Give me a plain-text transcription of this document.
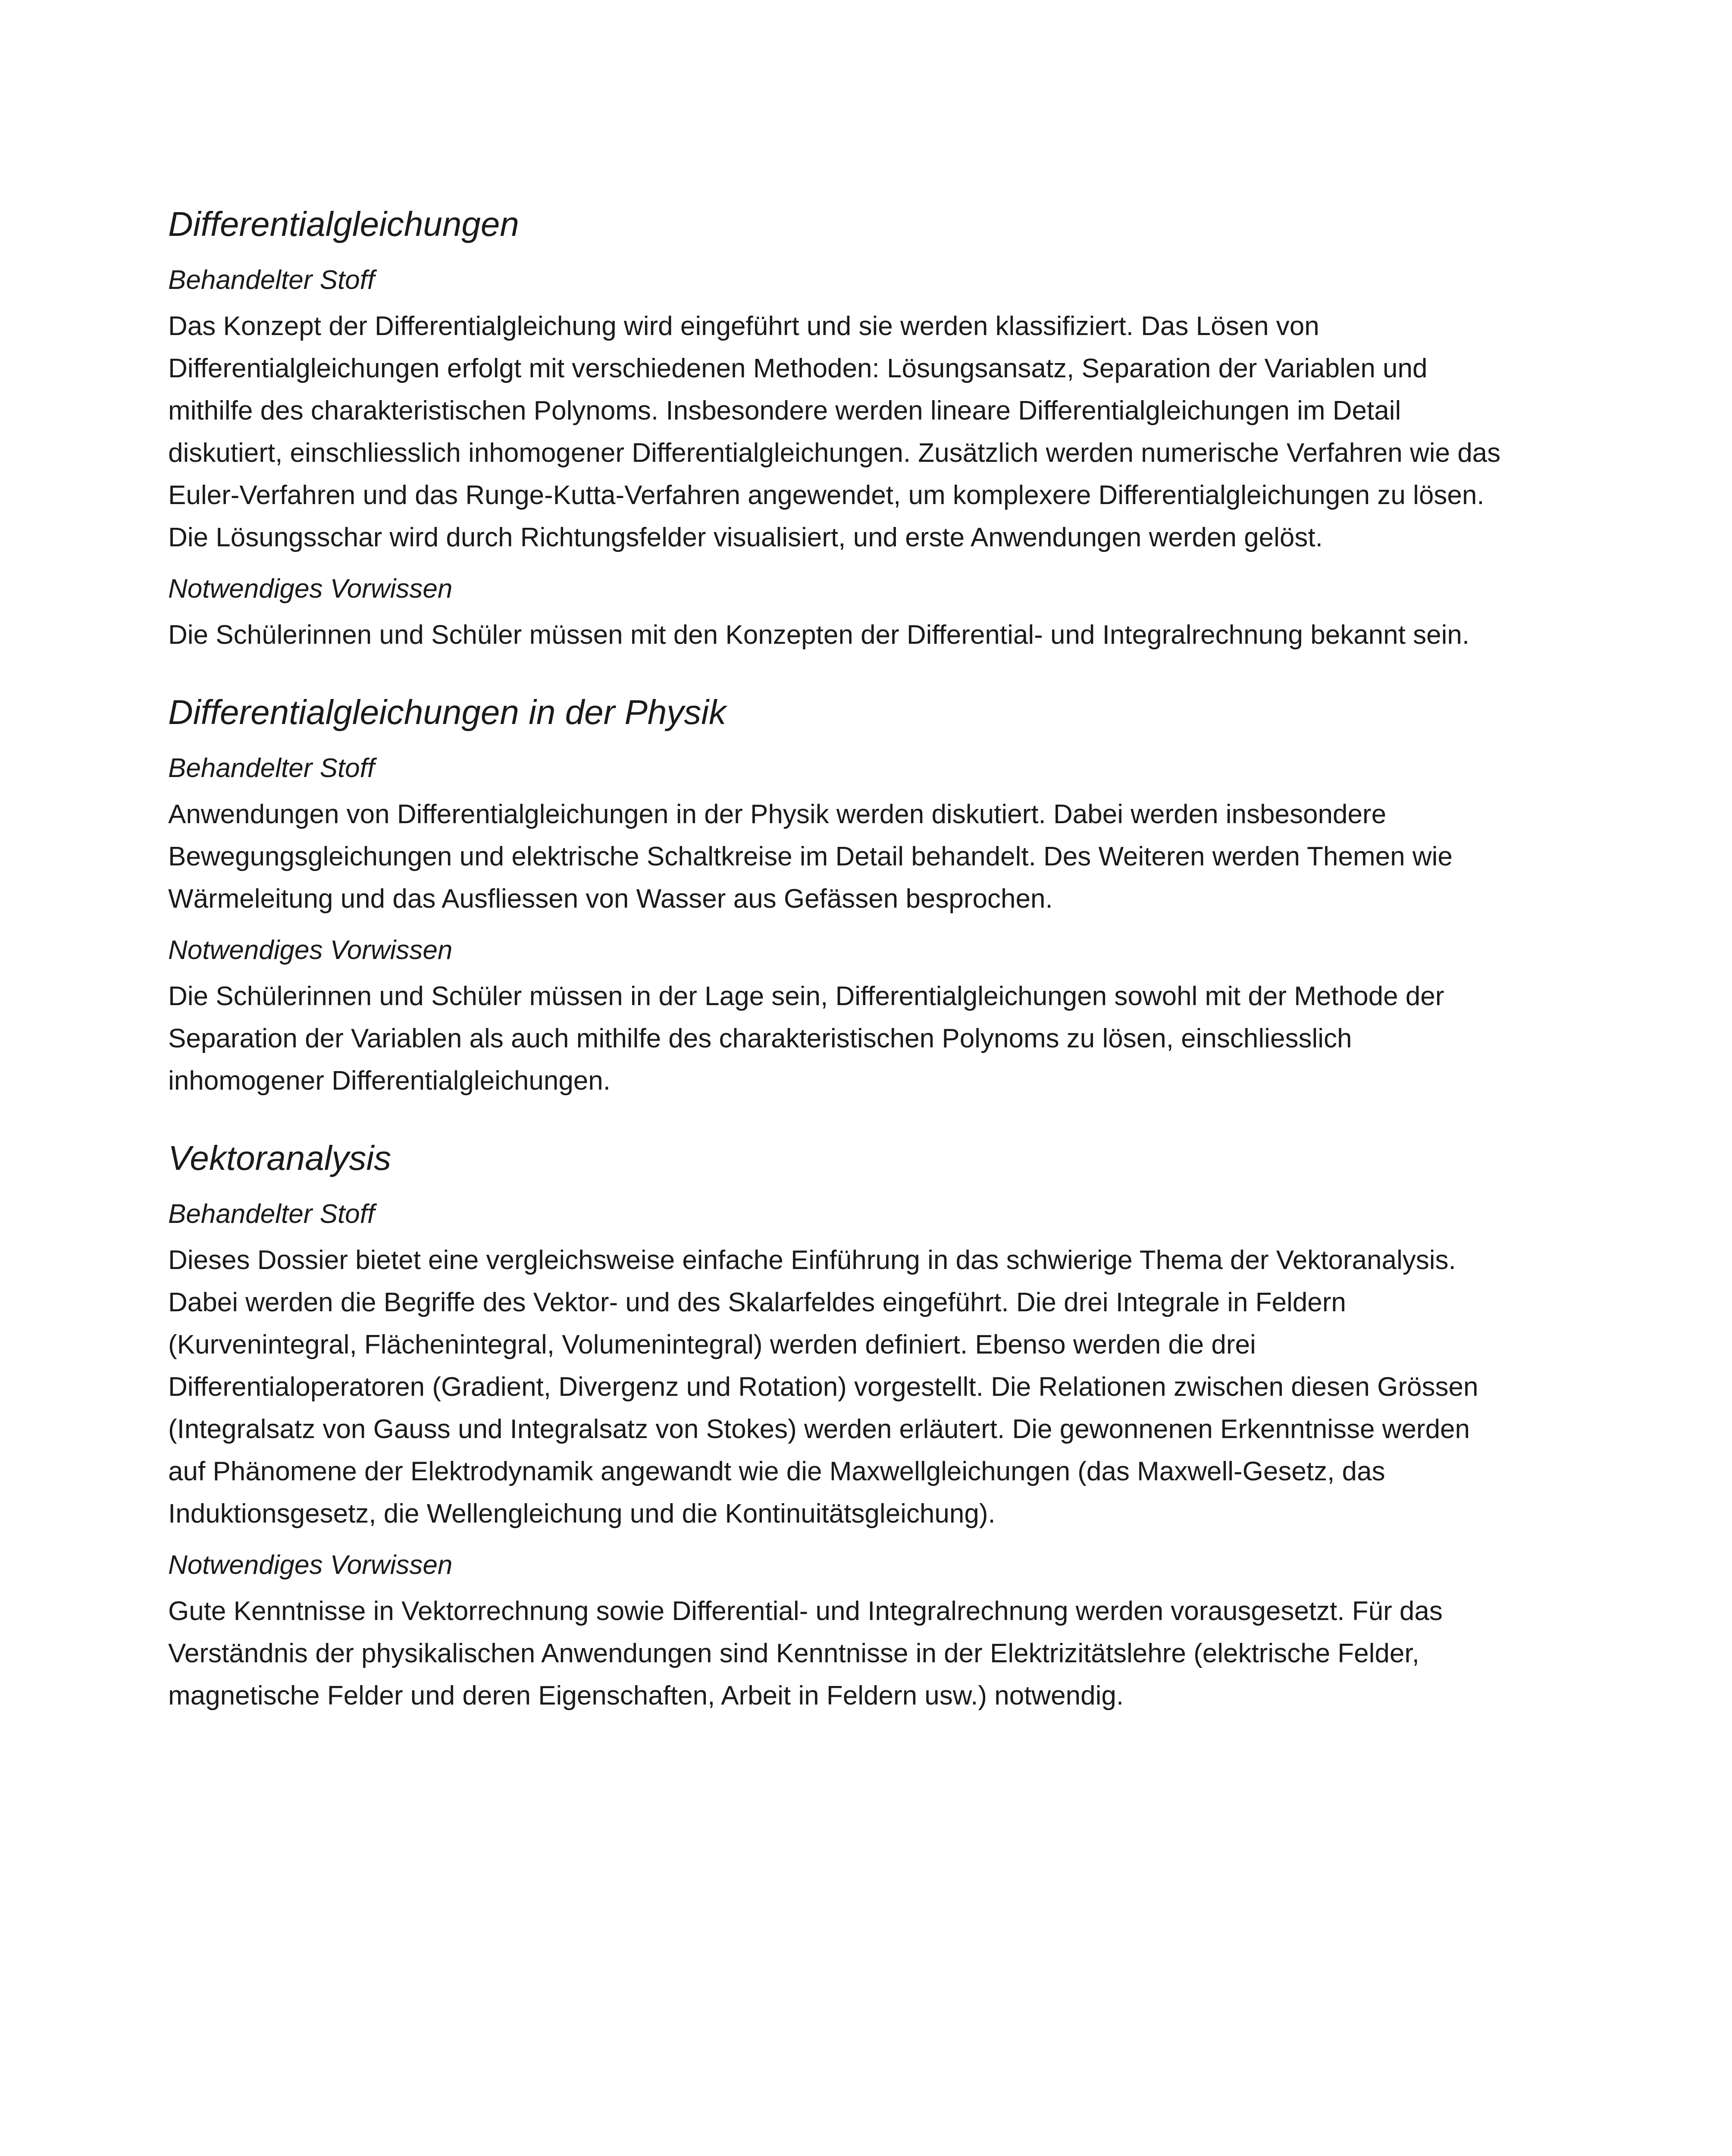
Differentialgleichungen
Behandelter Stoff

Das Konzept der Differentialgleichung wird eingeführt und sie werden klassifiziert. Das Lösen von Differentialgleichungen erfolgt mit verschiedenen Methoden: Lösungsansatz, Separation der Variablen und mithilfe des charakteristischen Polynoms. Insbesondere werden lineare Differentialgleichungen im Detail diskutiert, einschliesslich inhomogener Differentialgleichungen. Zusätzlich werden numerische Verfahren wie das Euler-Verfahren und das Runge-Kutta-Verfahren angewendet, um komplexere Differentialgleichungen zu lösen. Die Lösungsschar wird durch Richtungsfelder visualisiert, und erste Anwendungen werden gelöst.

Notwendiges Vorwissen

Die Schülerinnen und Schüler müssen mit den Konzepten der Differential- und Integralrechnung bekannt sein.

Differentialgleichungen in der Physik
Behandelter Stoff

Anwendungen von Differentialgleichungen in der Physik werden diskutiert. Dabei werden insbesondere Bewegungsgleichungen und elektrische Schaltkreise im Detail behandelt. Des Weiteren werden Themen wie Wärmeleitung und das Ausfliessen von Wasser aus Gefässen besprochen.

Notwendiges Vorwissen

Die Schülerinnen und Schüler müssen in der Lage sein, Differentialgleichungen sowohl mit der Methode der Separation der Variablen als auch mithilfe des charakteristischen Polynoms zu lösen, einschliesslich inhomogener Differentialgleichungen.

Vektoranalysis
Behandelter Stoff

Dieses Dossier bietet eine vergleichsweise einfache Einführung in das schwierige Thema der Vektoranalysis. Dabei werden die Begriffe des Vektor- und des Skalarfeldes eingeführt. Die drei Integrale in Feldern (Kurvenintegral, Flächenintegral, Volumenintegral) werden definiert. Ebenso werden die drei Differentialoperatoren (Gradient, Divergenz und Rotation) vorgestellt. Die Relationen zwischen diesen Grössen (Integralsatz von Gauss und Integralsatz von Stokes) werden erläutert. Die gewonnenen Erkenntnisse werden auf Phänomene der Elektrodynamik angewandt wie die Maxwellgleichungen (das Maxwell-Gesetz, das Induktionsgesetz, die Wellengleichung und die Kontinuitätsgleichung).

Notwendiges Vorwissen

Gute Kenntnisse in Vektorrechnung sowie Differential- und Integralrechnung werden vorausgesetzt. Für das Verständnis der physikalischen Anwendungen sind Kenntnisse in der Elektrizitätslehre (elektrische Felder, magnetische Felder und deren Eigenschaften, Arbeit in Feldern usw.) notwendig.
